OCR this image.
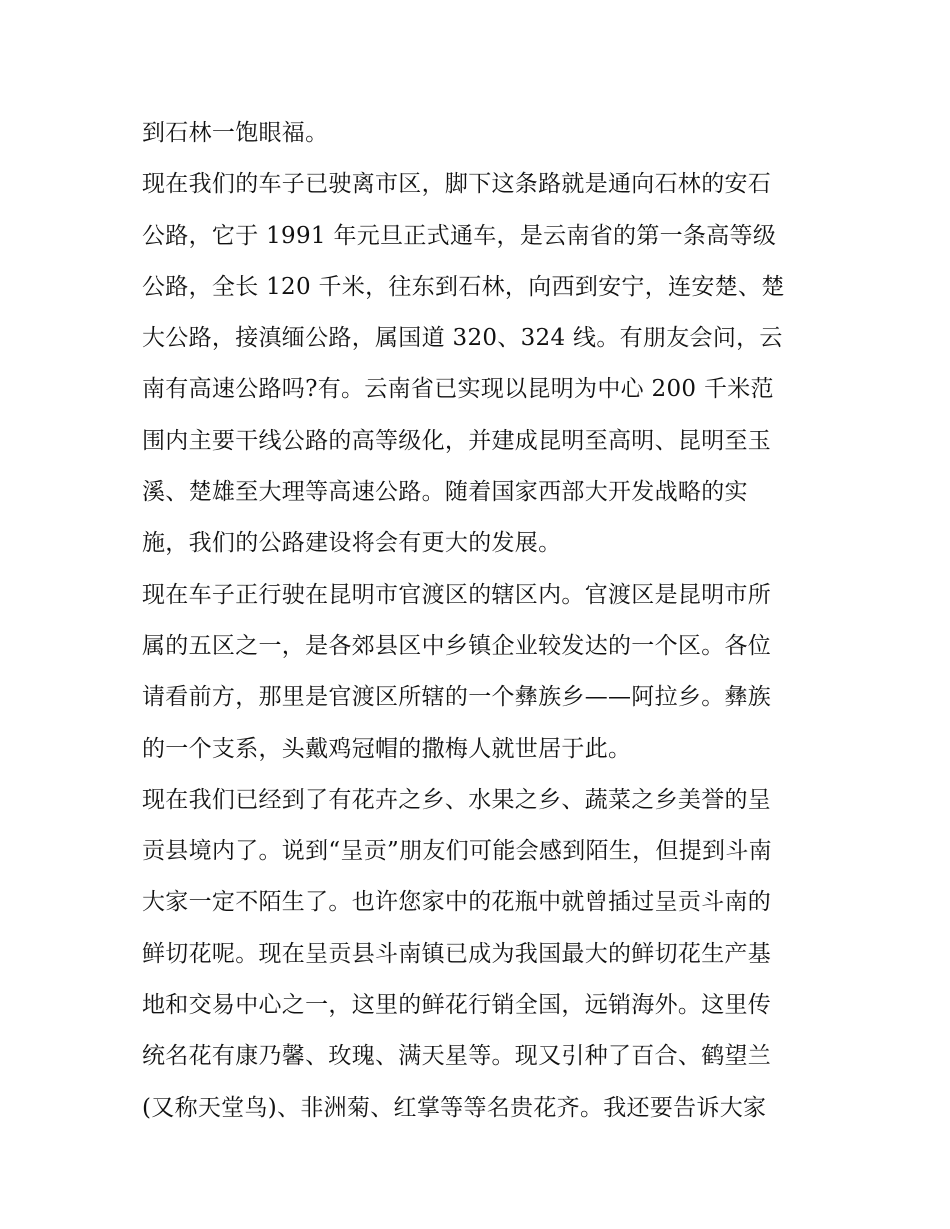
到石林一饱眼福。
现在我们的车子已驶离市区，脚下这条路就是通向石林的安石
公路，它于 1991 年元旦正式通车，是云南省的第一条高等级
公路，全长 120 千米，往东到石林，向西到安宁，连安楚、楚
大公路，接滇缅公路，属国道 320、324 线。有朋友会问，云
南有高速公路吗?有。云南省已实现以昆明为中心 200 千米范
围内主要干线公路的高等级化，并建成昆明至高明、昆明至玉
溪、楚雄至大理等高速公路。随着国家西部大开发战略的实
施，我们的公路建设将会有更大的发展。
现在车子正行驶在昆明市官渡区的辖区内。官渡区是昆明市所
属的五区之一，是各郊县区中乡镇企业较发达的一个区。各位
请看前方，那里是官渡区所辖的一个彝族乡——阿拉乡。彝族
的一个支系，头戴鸡冠帽的撒梅人就世居于此。
现在我们已经到了有花卉之乡、水果之乡、蔬菜之乡美誉的呈
贡县境内了。说到“呈贡”朋友们可能会感到陌生，但提到斗南
大家一定不陌生了。也许您家中的花瓶中就曾插过呈贡斗南的
鲜切花呢。现在呈贡县斗南镇已成为我国最大的鲜切花生产基
地和交易中心之一，这里的鲜花行销全国，远销海外。这里传
统名花有康乃馨、玫瑰、满天星等。现又引种了百合、鹤望兰
(又称天堂鸟)、非洲菊、红掌等等名贵花齐。我还要告诉大家
